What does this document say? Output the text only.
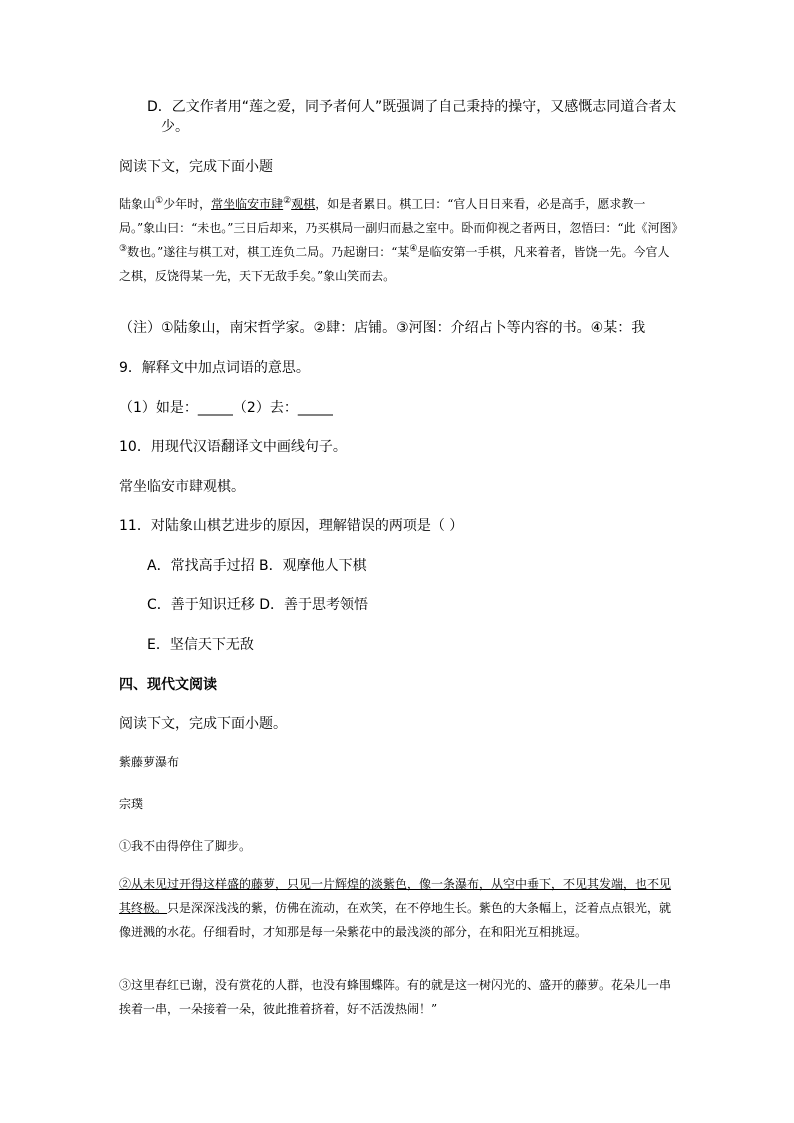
D．乙文作者用“莲之爱，同予者何人”既强调了自己秉持的操守，又感慨志同道合者太
少。
阅读下文，完成下面小题
陆象山①少年时，常坐临安市肆②观棋，如是者累日。棋工曰：“官人日日来看，必是高手，愿求教一局。”象山曰：“未也。”三日后却来，乃买棋局一副归而悬之室中。卧而仰视之者两日，忽悟曰：“此《河图》③数也。”遂往与棋工对，棋工连负二局。乃起谢曰：“某④是临安第一手棋，凡来着者，皆饶一先。今官人之棋，反饶得某一先，天下无敌手矣。”象山笑而去。
（注）①陆象山，南宋哲学家。②肆：店铺。③河图：介绍占卜等内容的书。④某：我
9．解释文中加点词语的意思。
（1）如是：_____（2）去：_____
10．用现代汉语翻译文中画线句子。
常坐临安市肆观棋。
11．对陆象山棋艺进步的原因，理解错误的两项是（ ）
A．常找高手过招 B．观摩他人下棋
C．善于知识迁移 D．善于思考领悟
E．坚信天下无敌
四、现代文阅读
阅读下文，完成下面小题。
紫藤萝瀑布
宗璞
①我不由得停住了脚步。
②从未见过开得这样盛的藤萝，只见一片辉煌的淡紫色，像一条瀑布，从空中垂下，不见其发端，也不见其终极。只是深深浅浅的紫，仿佛在流动，在欢笑，在不停地生长。紫色的大条幅上，泛着点点银光，就像迸溅的水花。仔细看时，才知那是每一朵紫花中的最浅淡的部分，在和阳光互相挑逗。
③这里春红已谢，没有赏花的人群，也没有蜂围蝶阵。有的就是这一树闪光的、盛开的藤萝。花朵儿一串挨着一串，一朵接着一朵，彼此推着挤着，好不活泼热闹！”
